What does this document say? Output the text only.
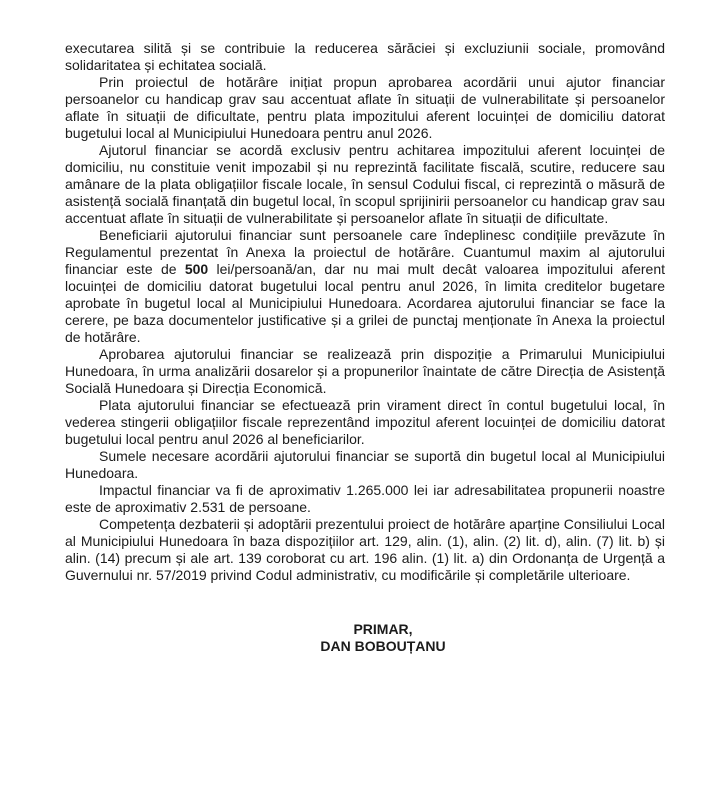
executarea silită și se contribuie la reducerea sărăciei și excluziunii sociale, promovând solidaritatea și echitatea socială.

Prin proiectul de hotărâre inițiat propun aprobarea acordării unui ajutor financiar persoanelor cu handicap grav sau accentuat aflate în situații de vulnerabilitate și persoanelor aflate în situații de dificultate, pentru plata impozitului aferent locuinței de domiciliu datorat bugetului local al Municipiului Hunedoara pentru anul 2026.

Ajutorul financiar se acordă exclusiv pentru achitarea impozitului aferent locuinței de domiciliu, nu constituie venit impozabil și nu reprezintă facilitate fiscală, scutire, reducere sau amânare de la plata obligațiilor fiscale locale, în sensul Codului fiscal, ci reprezintă o măsură de asistență socială finanțată din bugetul local, în scopul sprijinirii persoanelor cu handicap grav sau accentuat aflate în situații de vulnerabilitate și persoanelor aflate în situații de dificultate.

Beneficiarii ajutorului financiar sunt persoanele care îndeplinesc condițiile prevăzute în Regulamentul prezentat în Anexa la proiectul de hotărâre. Cuantumul maxim al ajutorului financiar este de 500 lei/persoană/an, dar nu mai mult decât valoarea impozitului aferent locuinței de domiciliu datorat bugetului local pentru anul 2026, în limita creditelor bugetare aprobate în bugetul local al Municipiului Hunedoara. Acordarea ajutorului financiar se face la cerere, pe baza documentelor justificative și a grilei de punctaj menționate în Anexa la proiectul de hotărâre.

Aprobarea ajutorului financiar se realizează prin dispoziție a Primarului Municipiului Hunedoara, în urma analizării dosarelor și a propunerilor înaintate de către Direcția de Asistență Socială Hunedoara și Direcția Economică.

Plata ajutorului financiar se efectuează prin virament direct în contul bugetului local, în vederea stingerii obligațiilor fiscale reprezentând impozitul aferent locuinței de domiciliu datorat bugetului local pentru anul 2026 al beneficiarilor.

Sumele necesare acordării ajutorului financiar se suportă din bugetul local al Municipiului Hunedoara.

Impactul financiar va fi de aproximativ 1.265.000 lei iar adresabilitatea propunerii noastre este de aproximativ 2.531 de persoane.

Competența dezbaterii și adoptării prezentului proiect de hotărâre aparține Consiliului Local al Municipiului Hunedoara în baza dispozițiilor art. 129, alin. (1), alin. (2) lit. d), alin. (7) lit. b) și alin. (14) precum și ale art. 139 coroborat cu art. 196 alin. (1) lit. a) din Ordonanța de Urgență a Guvernului nr. 57/2019 privind Codul administrativ, cu modificările și completările ulterioare.

PRIMAR,

DAN BOBOUȚANU
